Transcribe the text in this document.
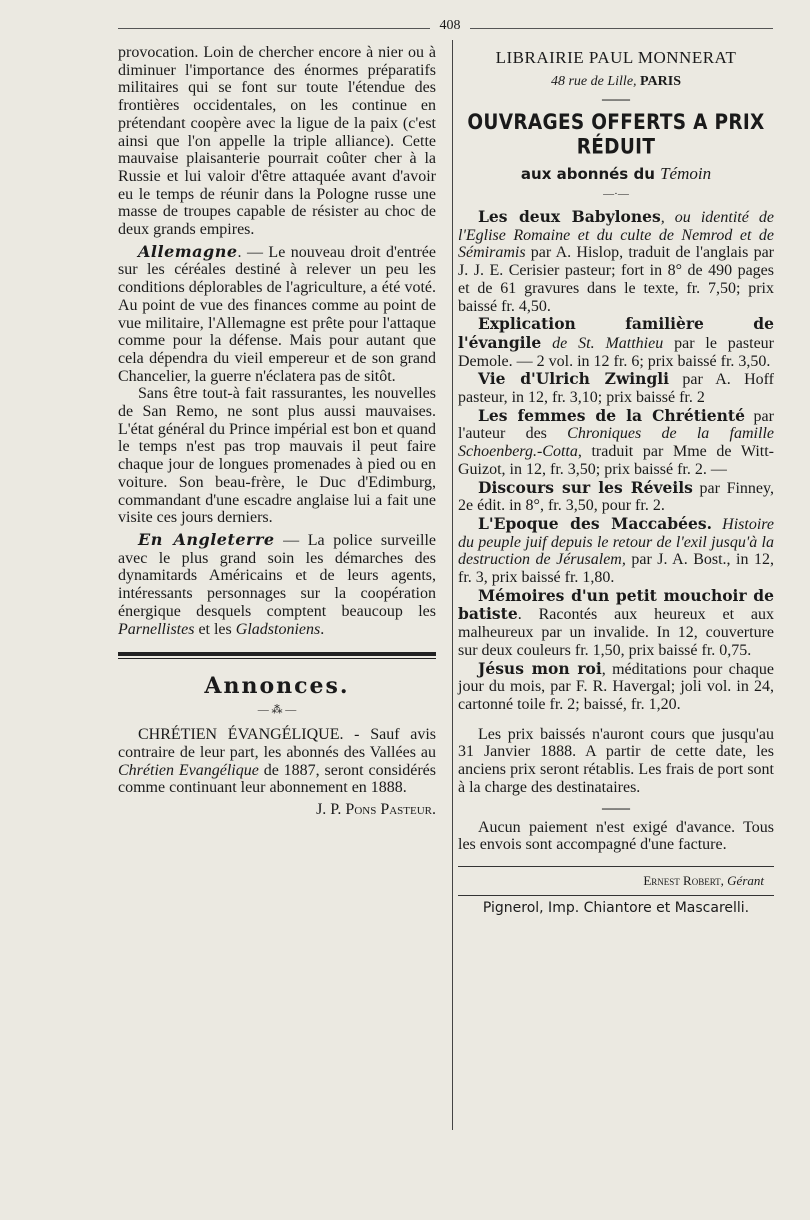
408

provocation. Loin de chercher encore à nier ou à diminuer l'importance des énormes préparatifs militaires qui se font sur toute l'étendue des frontières occidentales, on les continue en prétendant coopère avec la ligue de la paix (c'est ainsi que l'on appelle la triple alliance). Cette mauvaise plaisanterie pourrait coûter cher à la Russie et lui valoir d'être attaquée avant d'avoir eu le temps de réunir dans la Pologne russe une masse de troupes capable de résister au choc de deux grands empires.

Allemagne. — Le nouveau droit d'entrée sur les céréales destiné à relever un peu les conditions déplorables de l'agriculture, a été voté. Au point de vue des finances comme au point de vue militaire, l'Allemagne est prête pour l'attaque comme pour la défense. Mais pour autant que cela dépendra du vieil empereur et de son grand Chancelier, la guerre n'éclatera pas de sitôt.

Sans être tout-à fait rassurantes, les nouvelles de San Remo, ne sont plus aussi mauvaises. L'état général du Prince impérial est bon et quand le temps n'est pas trop mauvais il peut faire chaque jour de longues promenades à pied ou en voiture. Son beau-frère, le Duc d'Edimburg, commandant d'une escadre anglaise lui a fait une visite ces jours derniers.

En Angleterre — La police surveille avec le plus grand soin les démarches des dynamitards Américains et de leurs agents, intéressants personnages sur la coopération énergique desquels comptent beaucoup les Parnellistes et les Gladstoniens.

Annonces.
— ⁂ —

CHRÉTIEN ÉVANGÉLIQUE. - Sauf avis contraire de leur part, les abonnés des Vallées au Chrétien Evangélique de 1887, seront considérés comme continuant leur abonnement en 1888.

J. P. Pons Pasteur.

LIBRAIRIE PAUL MONNERAT
48 rue de Lille, PARIS
——
OUVRAGES OFFERTS A PRIX RÉDUIT
aux abonnés du Témoin
—·—

Les deux Babylones, ou identité de l'Eglise Romaine et du culte de Nemrod et de Sémiramis par A. Hislop, traduit de l'anglais par J. J. E. Cerisier pasteur; fort in 8° de 490 pages et de 61 gravures dans le texte, fr. 7,50; prix baissé fr. 4,50.

Explication familière de l'évangile de St. Matthieu par le pasteur Demole. — 2 vol. in 12 fr. 6; prix baissé fr. 3,50.

Vie d'Ulrich Zwingli par A. Hoff pasteur, in 12, fr. 3,10; prix baissé fr. 2

Les femmes de la Chrétienté par l'auteur des Chroniques de la famille Schoenberg.-Cotta, traduit par Mme de Witt-Guizot, in 12, fr. 3,50; prix baissé fr. 2. —

Discours sur les Réveils par Finney, 2e édit. in 8°, fr. 3,50, pour fr. 2.

L'Epoque des Maccabées. Histoire du peuple juif depuis le retour de l'exil jusqu'à la destruction de Jérusalem, par J. A. Bost., in 12, fr. 3, prix baissé fr. 1,80.

Mémoires d'un petit mouchoir de batiste. Racontés aux heureux et aux malheureux par un invalide. In 12, couverture sur deux couleurs fr. 1,50, prix baissé fr. 0,75.

Jésus mon roi, méditations pour chaque jour du mois, par F. R. Havergal; joli vol. in 24, cartonné toile fr. 2; baissé, fr. 1,20.

Les prix baissés n'auront cours que jusqu'au 31 Janvier 1888. A partir de cette date, les anciens prix seront rétablis. Les frais de port sont à la charge des destinataires.

——

Aucun paiement n'est exigé d'avance. Tous les envois sont accompagné d'une facture.

Ernest Robert, Gérant
Pignerol, Imp. Chiantore et Mascarelli.
